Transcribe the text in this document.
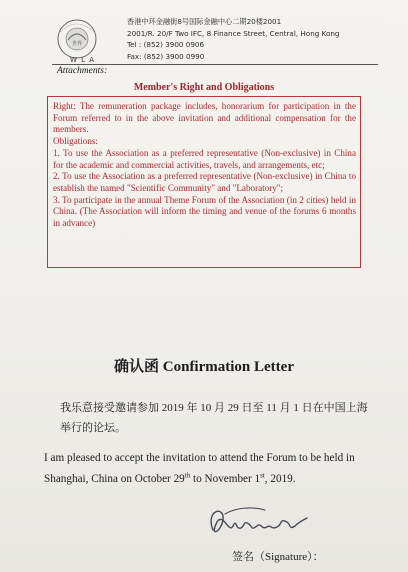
世界
W L A
香港中环金融街8号国际金融中心二期20楼2001
2001/R. 20/F Two IFC, 8 Finance Street, Central, Hong Kong
Tel : (852) 3900 0906
Fax: (852) 3900 0990
Attachments:
Member's Right and Obligations

Right: The remuneration package includes, honorarium for participation in the Forum referred to in the above invitation and additional compensation for the members.

Obligations:

1. To use the Association as a preferred representative (Non-exclusive) in China for the academic and commercial activities, travels, and arrangements, etc;

2. To use the Association as a preferred representative (Non-exclusive) in China to establish the named "Scientific Community" and "Laboratory";

3. To participate in the annual Theme Forum of the Association (in 2 cities) held in China. (The Association will inform the timing and venue of the forums 6 months in advance)

确认函 Confirmation Letter
我乐意接受邀请参加 2019 年 10 月 29 日至 11 月 1 日在中国上海举行的论坛。
I am pleased to accept the invitation to attend the Forum to be held in Shanghai, China on October 29th to November 1st, 2019.
签名（Signature）：
